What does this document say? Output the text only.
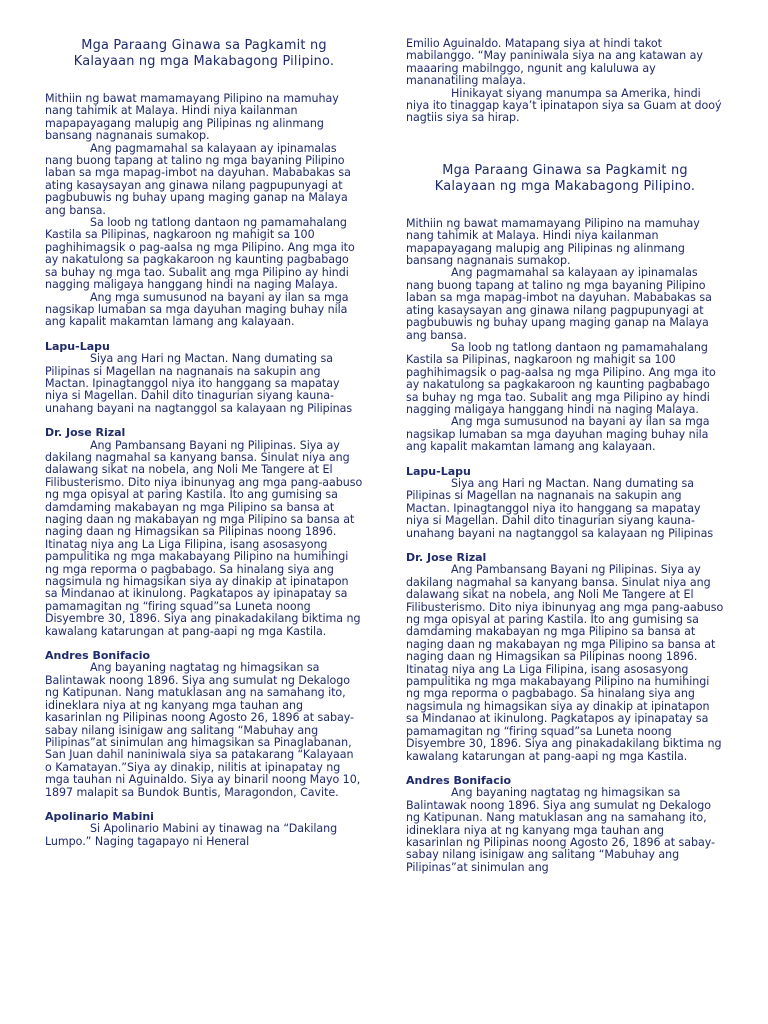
Mga Paraang Ginawa sa Pagkamit ng
Kalayaan ng mga Makabagong Pilipino.

Mithiin ng bawat mamamayang Pilipino na mamuhay nang tahimik at Malaya. Hindi niya kailanman mapapayagang malupig ang Pilipinas ng alinmang bansang nagnanais sumakop.

Ang pagmamahal sa kalayaan ay ipinamalas nang buong tapang at talino ng mga bayaning Pilipino laban sa mga mapag-imbot na dayuhan. Mababakas sa ating kasaysayan ang ginawa nilang pagpupunyagi at pagbubuwis ng buhay upang maging ganap na Malaya ang bansa.

Sa loob ng tatlong dantaon ng pamamahalang Kastila sa Pilipinas, nagkaroon ng mahigit sa 100 paghihimagsik o pag-aalsa ng mga Pilipino. Ang mga ito ay nakatulong sa pagkakaroon ng kaunting pagbabago sa buhay ng mga tao. Subalit ang mga Pilipino ay hindi nagging maligaya hanggang hindi na naging Malaya.

Ang mga sumusunod na bayani ay ilan sa mga nagsikap lumaban sa mga dayuhan maging buhay nila ang kapalit makamtan lamang ang kalayaan.

Lapu-Lapu

Siya ang Hari ng Mactan. Nang dumating sa Pilipinas si Magellan na nagnanais na sakupin ang Mactan. Ipinagtanggol niya ito hanggang sa mapatay niya si Magellan. Dahil dito tinagurian siyang kauna-unahang bayani na nagtanggol sa kalayaan ng Pilipinas

Dr. Jose Rizal

Ang Pambansang Bayani ng Pilipinas. Siya ay dakilang nagmahal sa kanyang bansa. Sinulat niya ang dalawang sikat na nobela, ang Noli Me Tangere at El Filibusterismo. Dito niya ibinunyag ang mga pang-aabuso ng mga opisyal at paring Kastila. Ito ang gumising sa damdaming makabayan ng mga Pilipino sa bansa at naging daan ng makabayan ng mga Pilipino sa bansa at naging daan ng Himagsikan sa Pilipinas noong 1896. Itinatag niya ang La Liga Filipina, isang asosasyong pampulitika ng mga makabayang Pilipino na humihingi ng mga reporma o pagbabago. Sa hinalang siya ang nagsimula ng himagsikan siya ay dinakip at ipinatapon sa Mindanao at ikinulong. Pagkatapos ay ipinapatay sa pamamagitan ng “firing squad”sa Luneta noong Disyembre 30, 1896. Siya ang pinakadakilang biktima ng kawalang katarungan at pang-aapi ng mga Kastila.

Andres Bonifacio

Ang bayaning nagtatag ng himagsikan sa Balintawak noong 1896. Siya ang sumulat ng Dekalogo ng Katipunan. Nang matuklasan ang na samahang ito, idineklara niya at ng kanyang mga tauhan ang kasarinlan ng Pilipinas noong Agosto 26, 1896 at sabay-sabay nilang isinigaw ang salitang “Mabuhay ang Pilipinas”at sinimulan ang himagsikan sa Pinaglabanan, San Juan dahil naniniwala siya sa patakarang “Kalayaan o Kamatayan.”Siya ay dinakip, nilitis at ipinapatay ng mga tauhan ni Aguinaldo. Siya ay binaril noong Mayo 10, 1897 malapit sa Bundok Buntis, Maragondon, Cavite.

Apolinario Mabini

Si Apolinario Mabini ay tinawag na “Dakilang Lumpo.” Naging tagapayo ni Heneral

Emilio Aguinaldo. Matapang siya at hindi takot mabilanggo. “May paniniwala siya na ang katawan ay maaaring mabilnggo, ngunit ang kaluluwa ay mananatiling malaya.

Hinikayat siyang manumpa sa Amerika, hindi niya ito tinaggap kaya’t ipinatapon siya sa Guam at dooý nagtiis siya sa hirap.

Mga Paraang Ginawa sa Pagkamit ng
Kalayaan ng mga Makabagong Pilipino.

Mithiin ng bawat mamamayang Pilipino na mamuhay nang tahimik at Malaya. Hindi niya kailanman mapapayagang malupig ang Pilipinas ng alinmang bansang nagnanais sumakop.

Ang pagmamahal sa kalayaan ay ipinamalas nang buong tapang at talino ng mga bayaning Pilipino laban sa mga mapag-imbot na dayuhan. Mababakas sa ating kasaysayan ang ginawa nilang pagpupunyagi at pagbubuwis ng buhay upang maging ganap na Malaya ang bansa.

Sa loob ng tatlong dantaon ng pamamahalang Kastila sa Pilipinas, nagkaroon ng mahigit sa 100 paghihimagsik o pag-aalsa ng mga Pilipino. Ang mga ito ay nakatulong sa pagkakaroon ng kaunting pagbabago sa buhay ng mga tao. Subalit ang mga Pilipino ay hindi nagging maligaya hanggang hindi na naging Malaya.

Ang mga sumusunod na bayani ay ilan sa mga nagsikap lumaban sa mga dayuhan maging buhay nila ang kapalit makamtan lamang ang kalayaan.

Lapu-Lapu

Siya ang Hari ng Mactan. Nang dumating sa Pilipinas si Magellan na nagnanais na sakupin ang Mactan. Ipinagtanggol niya ito hanggang sa mapatay niya si Magellan. Dahil dito tinagurian siyang kauna-unahang bayani na nagtanggol sa kalayaan ng Pilipinas

Dr. Jose Rizal

Ang Pambansang Bayani ng Pilipinas. Siya ay dakilang nagmahal sa kanyang bansa. Sinulat niya ang dalawang sikat na nobela, ang Noli Me Tangere at El Filibusterismo. Dito niya ibinunyag ang mga pang-aabuso ng mga opisyal at paring Kastila. Ito ang gumising sa damdaming makabayan ng mga Pilipino sa bansa at naging daan ng makabayan ng mga Pilipino sa bansa at naging daan ng Himagsikan sa Pilipinas noong 1896. Itinatag niya ang La Liga Filipina, isang asosasyong pampulitika ng mga makabayang Pilipino na humihingi ng mga reporma o pagbabago. Sa hinalang siya ang nagsimula ng himagsikan siya ay dinakip at ipinatapon sa Mindanao at ikinulong. Pagkatapos ay ipinapatay sa pamamagitan ng “firing squad”sa Luneta noong Disyembre 30, 1896. Siya ang pinakadakilang biktima ng kawalang katarungan at pang-aapi ng mga Kastila.

Andres Bonifacio

Ang bayaning nagtatag ng himagsikan sa Balintawak noong 1896. Siya ang sumulat ng Dekalogo ng Katipunan. Nang matuklasan ang na samahang ito, idineklara niya at ng kanyang mga tauhan ang kasarinlan ng Pilipinas noong Agosto 26, 1896 at sabay-sabay nilang isinigaw ang salitang “Mabuhay ang Pilipinas”at sinimulan ang
